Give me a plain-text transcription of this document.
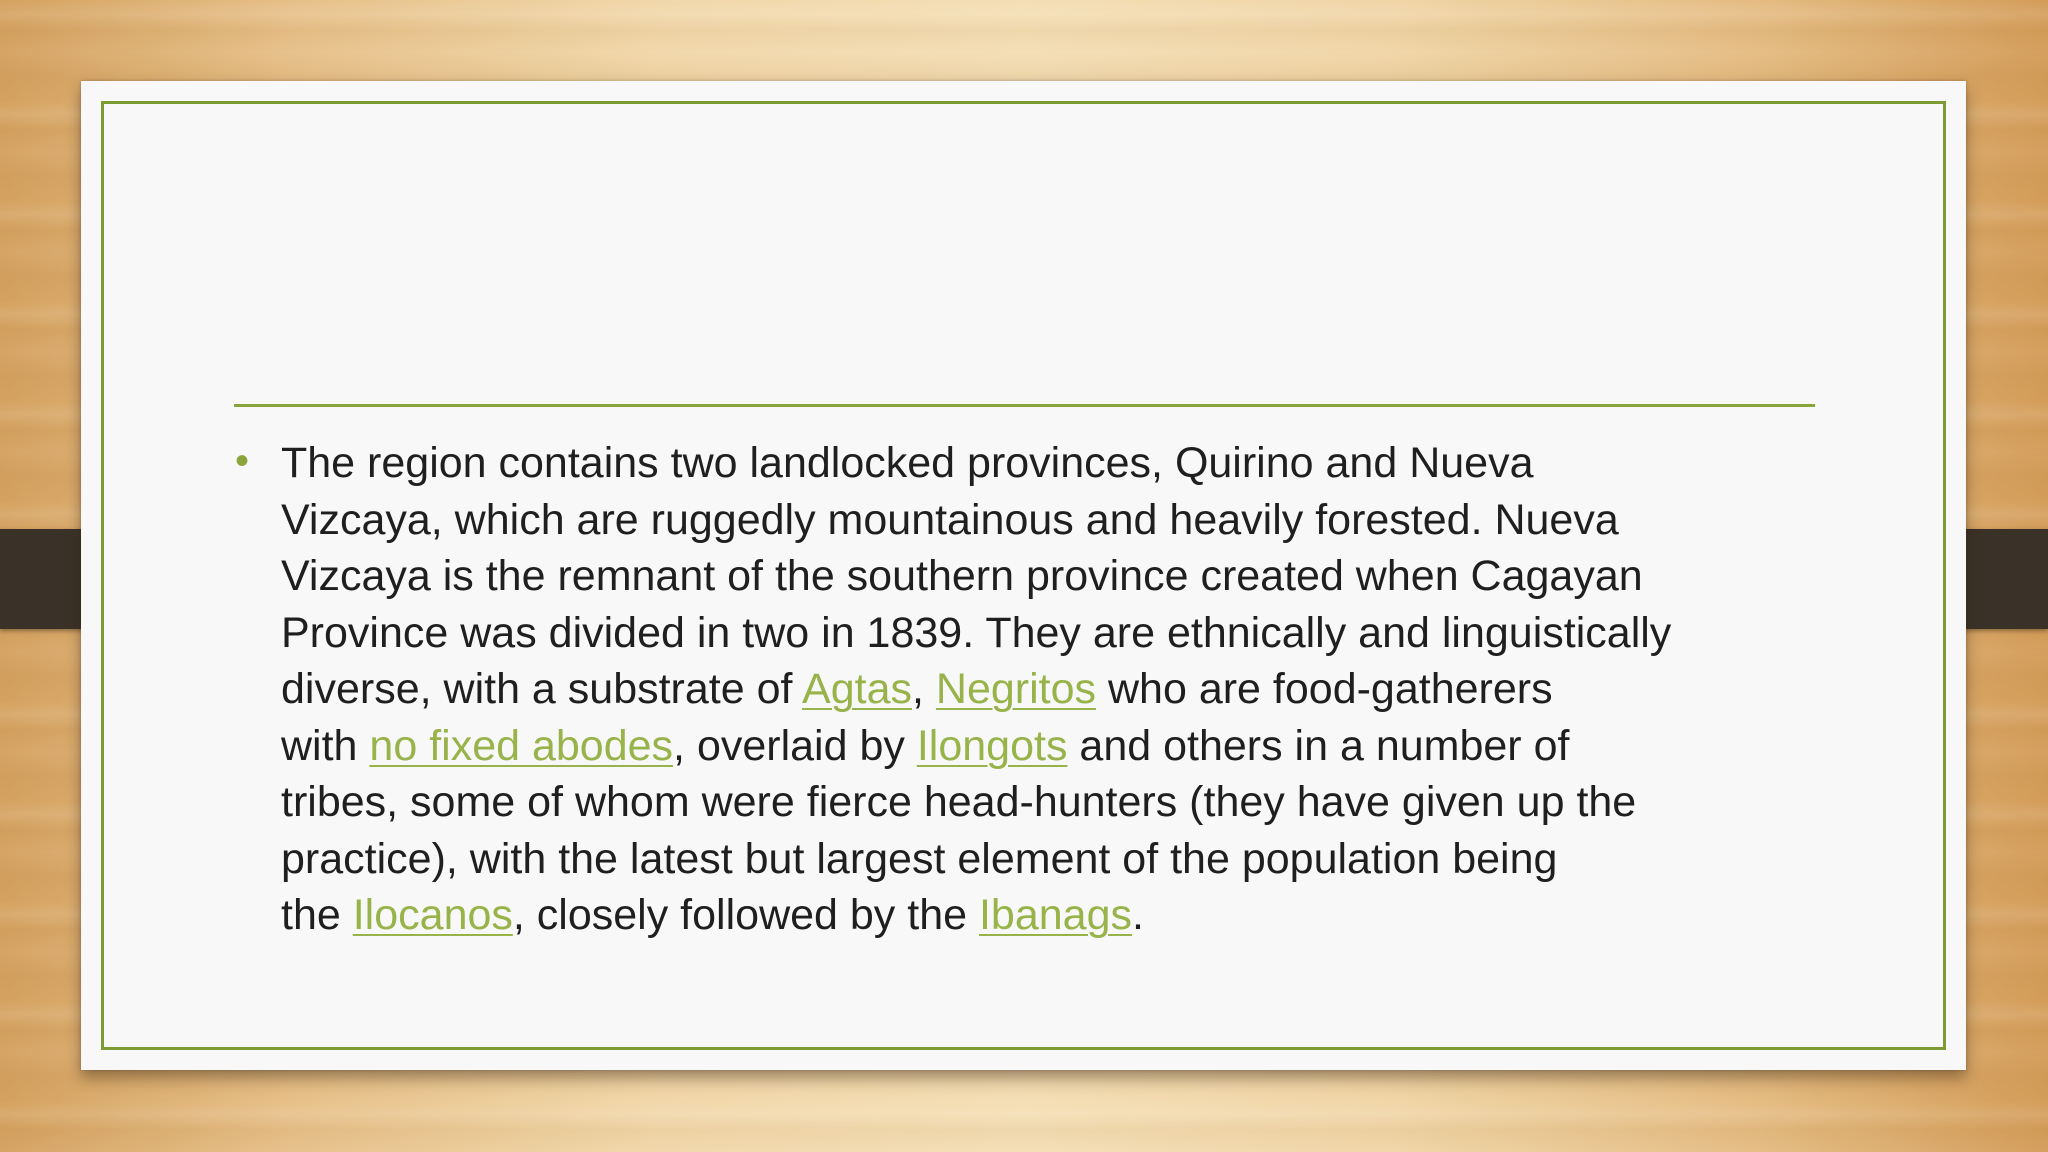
• The region contains two landlocked provinces, Quirino and Nueva
Vizcaya, which are ruggedly mountainous and heavily forested. Nueva
Vizcaya is the remnant of the southern province created when Cagayan
Province was divided in two in 1839. They are ethnically and linguistically
diverse, with a substrate of Agtas, Negritos who are food-gatherers
with no fixed abodes, overlaid by Ilongots and others in a number of
tribes, some of whom were fierce head-hunters (they have given up the
practice), with the latest but largest element of the population being
the Ilocanos, closely followed by the Ibanags.
